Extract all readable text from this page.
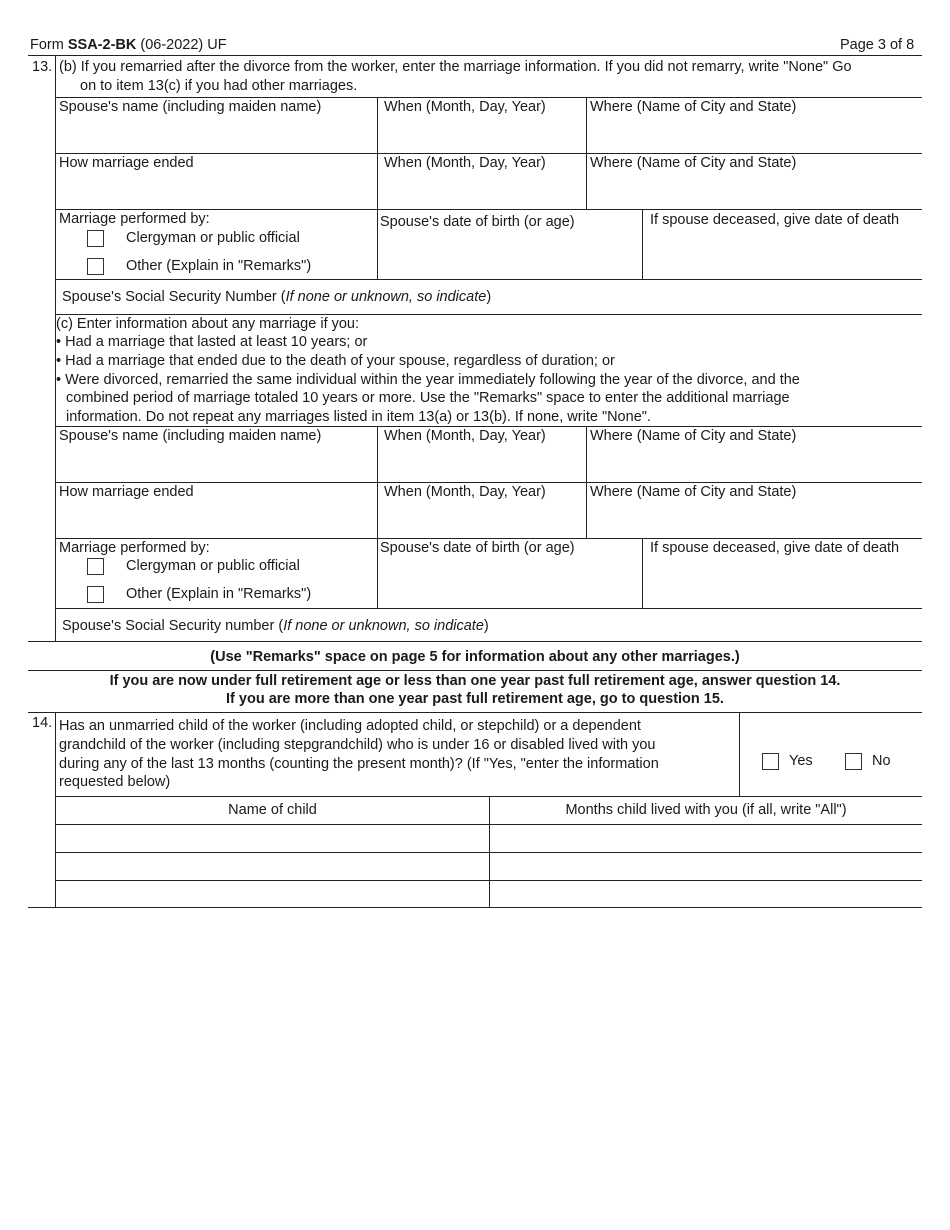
Form SSA-2-BK (06-2022) UF	Page 3 of 8
13. (b) If you remarried after the divorce from the worker, enter the marriage information. If you did not remarry, write "None" Go
on to item 13(c) if you had other marriages.
Spouse's name (including maiden name)	When (Month, Day, Year)	Where (Name of City and State)
How marriage ended	When (Month, Day, Year)	Where (Name of City and State)
Marriage performed by:
Clergyman or public official
Other (Explain in "Remarks")
Spouse's date of birth (or age)	If spouse deceased, give date of death
Spouse's Social Security Number (If none or unknown, so indicate)
(c) Enter information about any marriage if you:
• Had a marriage that lasted at least 10 years; or
• Had a marriage that ended due to the death of your spouse, regardless of duration; or
• Were divorced, remarried the same individual within the year immediately following the year of the divorce, and the
combined period of marriage totaled 10 years or more. Use the "Remarks" space to enter the additional marriage
information. Do not repeat any marriages listed in item 13(a) or 13(b). If none, write "None".
Spouse's name (including maiden name)	When (Month, Day, Year)	Where (Name of City and State)
How marriage ended	When (Month, Day, Year)	Where (Name of City and State)
Marriage performed by:
Clergyman or public official
Other (Explain in "Remarks")
Spouse's date of birth (or age)	If spouse deceased, give date of death
Spouse's Social Security number (If none or unknown, so indicate)
(Use "Remarks" space on page 5 for information about any other marriages.)
If you are now under full retirement age or less than one year past full retirement age, answer question 14.
If you are more than one year past full retirement age, go to question 15.
14. Has an unmarried child of the worker (including adopted child, or stepchild) or a dependent
grandchild of the worker (including stepgrandchild) who is under 16 or disabled lived with you
during any of the last 13 months (counting the present month)? (If "Yes, "enter the information
requested below)
Yes	No
Name of child	Months child lived with you (if all, write "All")
